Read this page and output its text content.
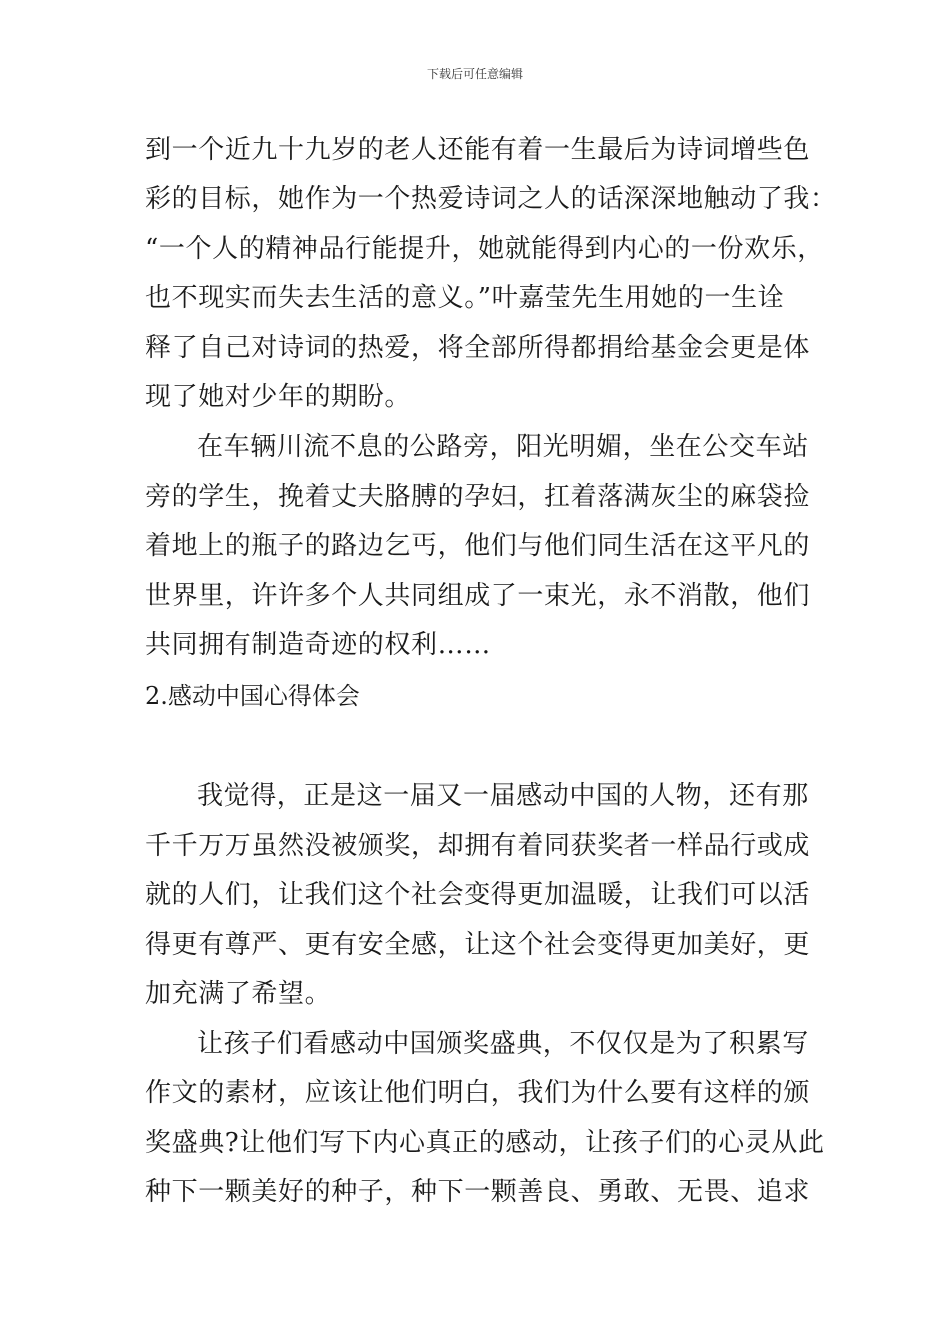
下载后可任意编辑
到一个近九十九岁的老人还能有着一生最后为诗词增些色
彩的目标，她作为一个热爱诗词之人的话深深地触动了我：
“一个人的精神品行能提升，她就能得到内心的一份欢乐，
也不现实而失去生活的意义。”叶嘉莹先生用她的一生诠
释了自己对诗词的热爱，将全部所得都捐给基金会更是体
现了她对少年的期盼。
在车辆川流不息的公路旁，阳光明媚，坐在公交车站
旁的学生，挽着丈夫胳膊的孕妇，扛着落满灰尘的麻袋捡
着地上的瓶子的路边乞丐，他们与他们同生活在这平凡的
世界里，许许多个人共同组成了一束光，永不消散，他们
共同拥有制造奇迹的权利……
2.感动中国心得体会
我觉得，正是这一届又一届感动中国的人物，还有那
千千万万虽然没被颁奖，却拥有着同获奖者一样品行或成
就的人们，让我们这个社会变得更加温暖，让我们可以活
得更有尊严、更有安全感，让这个社会变得更加美好，更
加充满了希望。
让孩子们看感动中国颁奖盛典，不仅仅是为了积累写
作文的素材，应该让他们明白，我们为什么要有这样的颁
奖盛典?让他们写下内心真正的感动，让孩子们的心灵从此
种下一颗美好的种子，种下一颗善良、勇敢、无畏、追求
